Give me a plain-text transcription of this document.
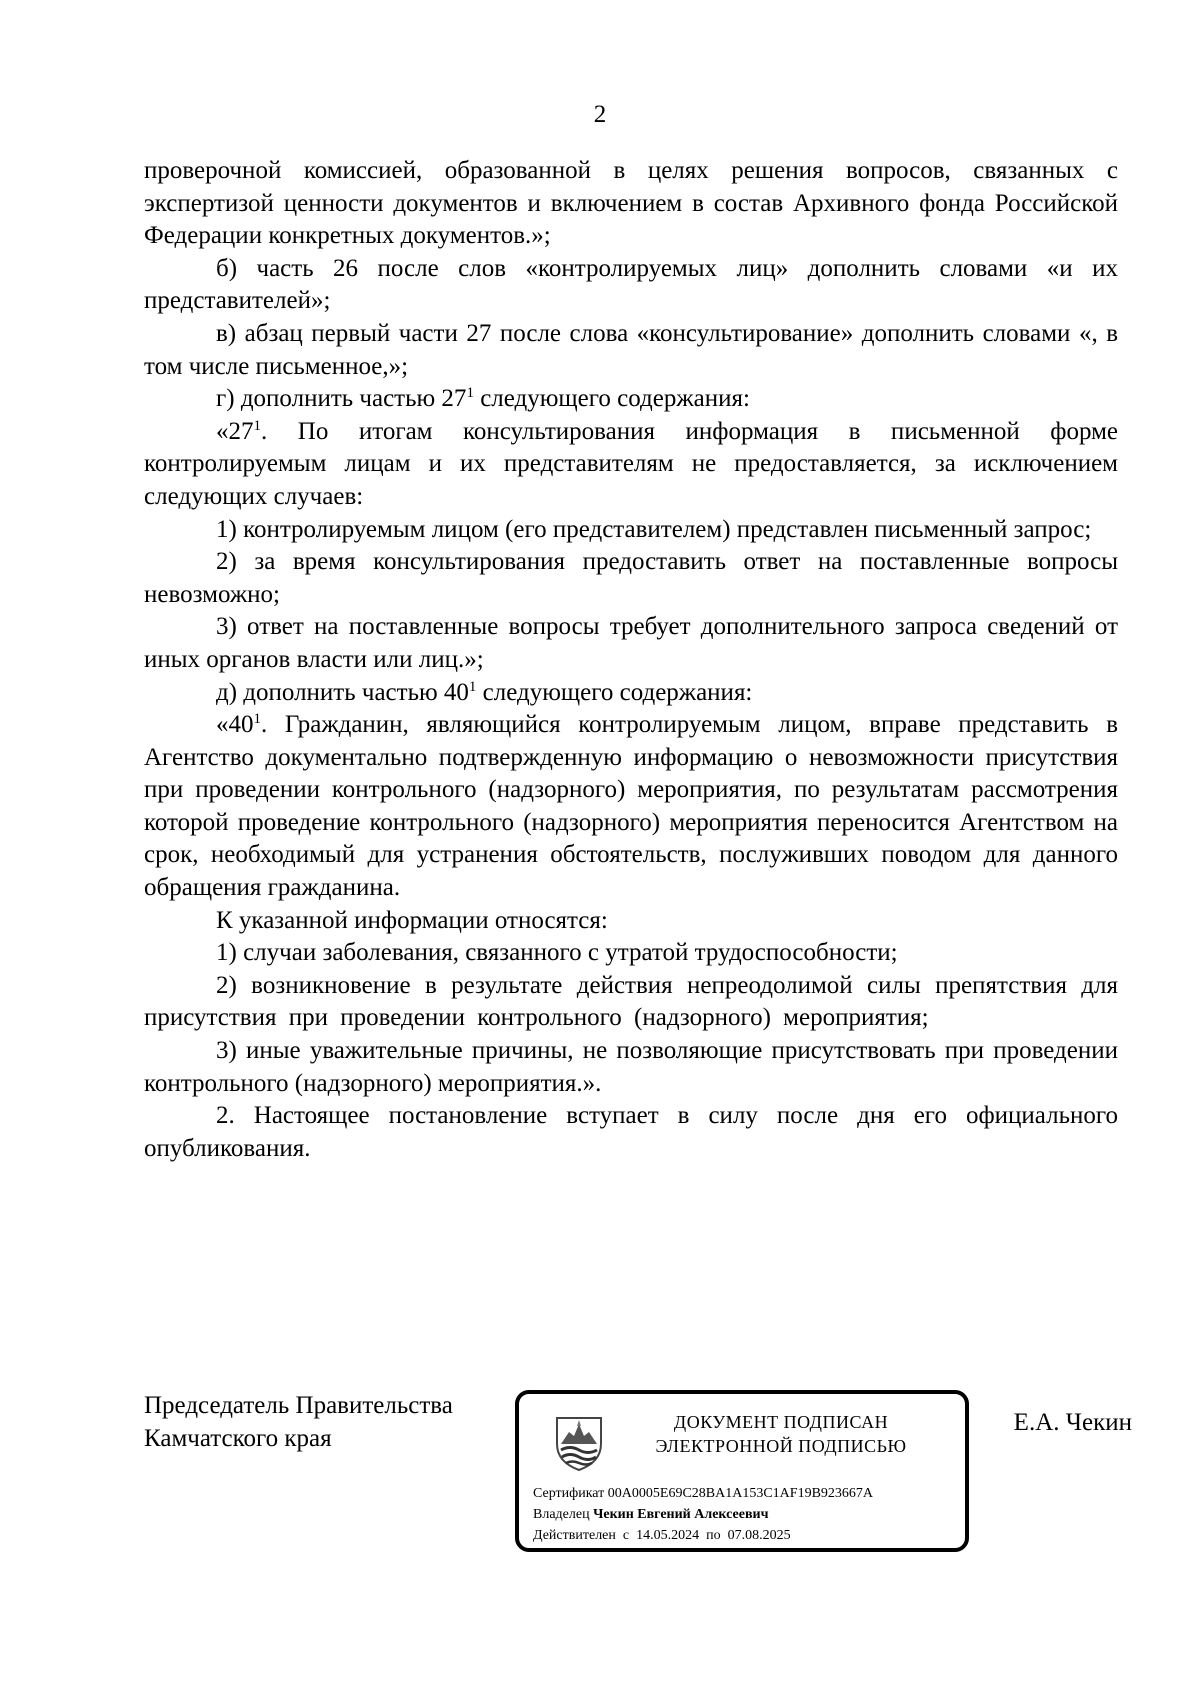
2

проверочной комиссией, образованной в целях решения вопросов, связанных с экспертизой ценности документов и включением в состав Архивного фонда Российской Федерации конкретных документов.»;

б) часть 26 после слов «контролируемых лиц» дополнить словами «и их представителей»;

в) абзац первый части 27 после слова «консультирование» дополнить словами «, в том числе письменное,»;

г) дополнить частью $27^1$ следующего содержания:

«$27^1$. По итогам консультирования информация в письменной форме контролируемым лицам и их представителям не предоставляется, за исключением следующих случаев:

1) контролируемым лицом (его представителем) представлен письменный запрос;

2) за время консультирования предоставить ответ на поставленные вопросы невозможно;

3) ответ на поставленные вопросы требует дополнительного запроса сведений от иных органов власти или лиц.»;

д) дополнить частью $40^1$ следующего содержания:

«$40^1$. Гражданин, являющийся контролируемым лицом, вправе представить в Агентство документально подтвержденную информацию о невозможности присутствия при проведении контрольного (надзорного) мероприятия, по результатам рассмотрения которой проведение контрольного (надзорного) мероприятия переносится Агентством на срок, необходимый для устранения обстоятельств, послуживших поводом для данного обращения гражданина.

К указанной информации относятся:

1) случаи заболевания, связанного с утратой трудоспособности;

2) возникновение в результате действия непреодолимой силы препятствия для присутствия при проведении контрольного (надзорного) мероприятия;

3) иные уважительные причины, не позволяющие присутствовать при проведении контрольного (надзорного) мероприятия.».

2. Настоящее постановление вступает в силу после дня его официального опубликования.

Председатель Правительства
Камчатского края
ДОКУМЕНТ ПОДПИСАН
ЭЛЕКТРОННОЙ ПОДПИСЬЮ
Сертификат 00A0005E69C28BA1A153C1AF19B923667A
Владелец Чекин Евгений Алексеевич
Действителен с 14.05.2024 по 07.08.2025
Е.А. Чекин
